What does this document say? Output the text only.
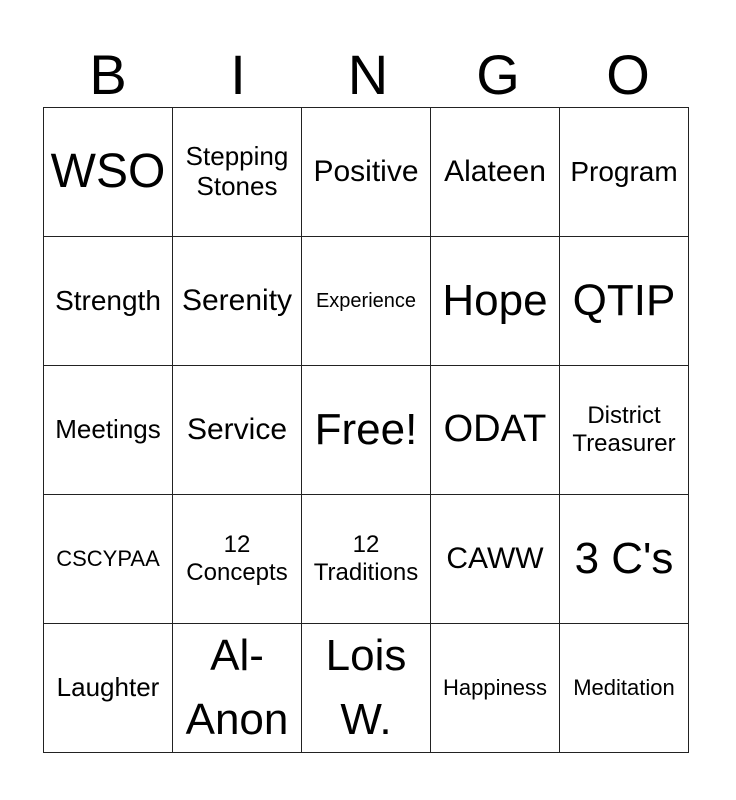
B	I	N	G	O
WSO	Stepping Stones	Positive	Alateen	Program

Strength	Serenity	Experience	Hope	QTIP

Meetings	Service	Free!	ODAT	District Treasurer

CSCYPAA	12 Concepts	12 Traditions	CAWW	3 C's

Laughter	Al-Anon	Lois W.	Happiness	Meditation
